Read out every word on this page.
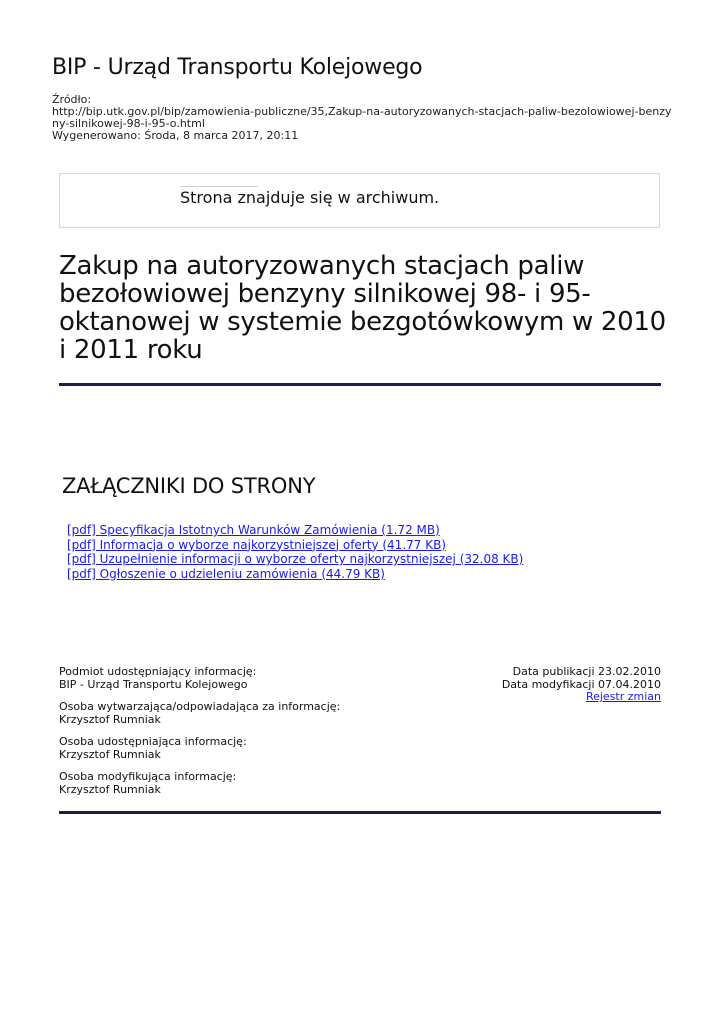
BIP - Urząd Transportu Kolejowego
Źródło:
http://bip.utk.gov.pl/bip/zamowienia-publiczne/35,Zakup-na-autoryzowanych-stacjach-paliw-bezolowiowej-benzyny-silnikowej-98-i-95-o.html
Wygenerowano: Środa, 8 marca 2017, 20:11
Strona znajduje się w archiwum.
Zakup na autoryzowanych stacjach paliw bezołowiowej benzyny silnikowej 98- i 95- oktanowej w systemie bezgotówkowym w 2010 i 2011 roku
ZAŁĄCZNIKI DO STRONY
[pdf] Specyfikacja Istotnych Warunków Zamówienia (1.72 MB)
[pdf] Informacja o wyborze najkorzystniejszej oferty (41.77 KB)
[pdf] Uzupełnienie informacji o wyborze oferty najkorzystniejszej (32.08 KB)
[pdf] Ogłoszenie o udzieleniu zamówienia (44.79 KB)
Podmiot udostępniający informację:
BIP - Urząd Transportu Kolejowego
Osoba wytwarzająca/odpowiadająca za informację:
Krzysztof Rumniak
Osoba udostępniająca informację:
Krzysztof Rumniak
Osoba modyfikująca informację:
Krzysztof Rumniak
Data publikacji 23.02.2010
Data modyfikacji 07.04.2010
Rejestr zmian
